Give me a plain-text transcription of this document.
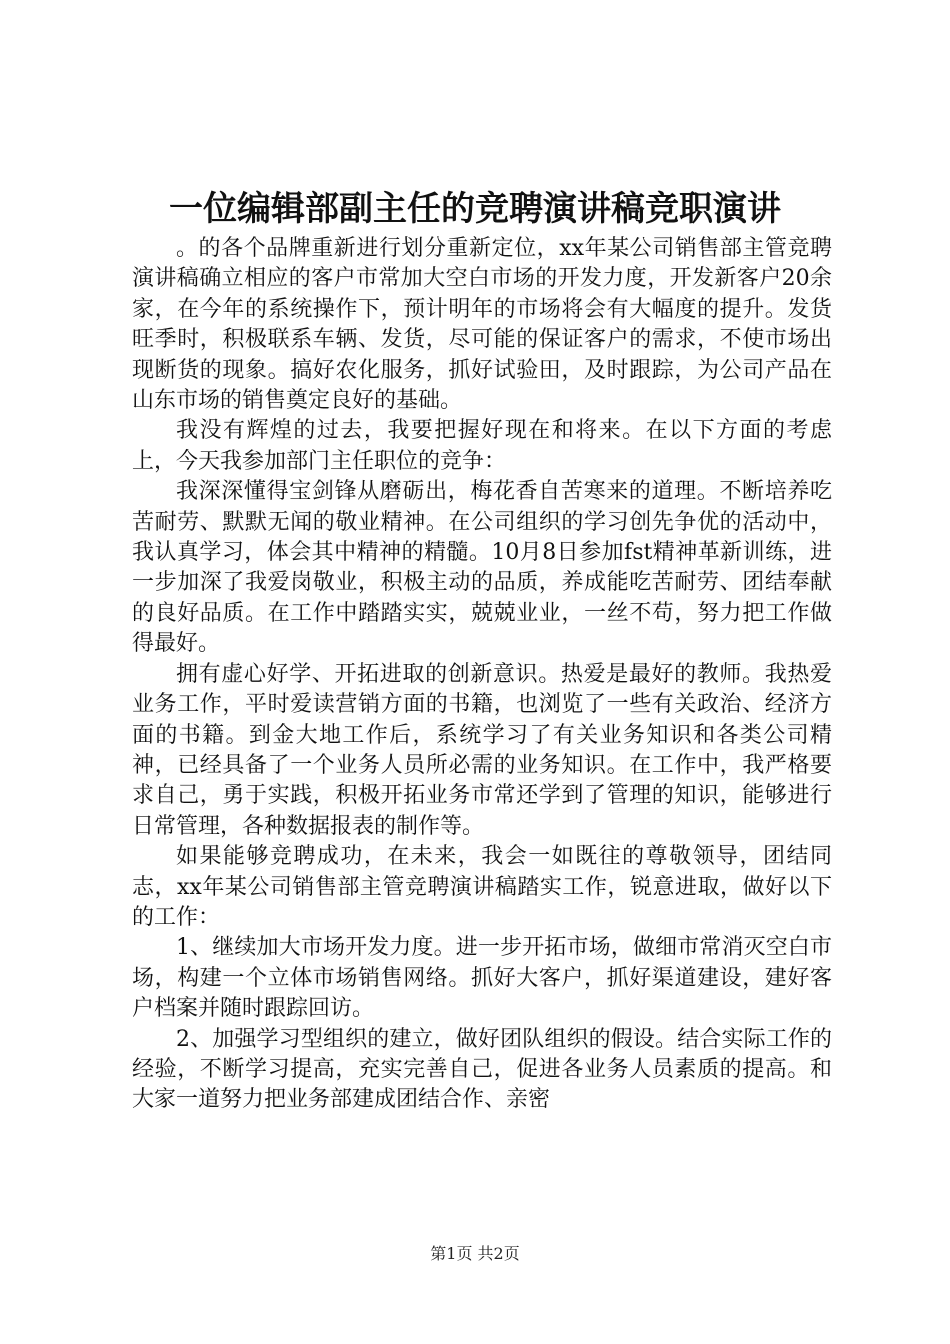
一位编辑部副主任的竞聘演讲稿竞职演讲

。的各个品牌重新进行划分重新定位，xx年某公司销售部主管竞聘演讲稿确立相应的客户市常加大空白市场的开发力度，开发新客户20余家，在今年的系统操作下，预计明年的市场将会有大幅度的提升。发货旺季时，积极联系车辆、发货，尽可能的保证客户的需求，不使市场出现断货的现象。搞好农化服务，抓好试验田，及时跟踪，为公司产品在山东市场的销售奠定良好的基础。

我没有辉煌的过去，我要把握好现在和将来。在以下方面的考虑上，今天我参加部门主任职位的竞争：

我深深懂得宝剑锋从磨砺出，梅花香自苦寒来的道理。不断培养吃苦耐劳、默默无闻的敬业精神。在公司组织的学习创先争优的活动中，我认真学习，体会其中精神的精髓。10月8日参加fst精神革新训练，进一步加深了我爱岗敬业，积极主动的品质，养成能吃苦耐劳、团结奉献的良好品质。在工作中踏踏实实，兢兢业业，一丝不苟，努力把工作做得最好。

拥有虚心好学、开拓进取的创新意识。热爱是最好的教师。我热爱业务工作，平时爱读营销方面的书籍，也浏览了一些有关政治、经济方面的书籍。到金大地工作后，系统学习了有关业务知识和各类公司精神，已经具备了一个业务人员所必需的业务知识。在工作中，我严格要求自己，勇于实践，积极开拓业务市常还学到了管理的知识，能够进行日常管理，各种数据报表的制作等。

如果能够竞聘成功，在未来，我会一如既往的尊敬领导，团结同志，xx年某公司销售部主管竞聘演讲稿踏实工作，锐意进取，做好以下的工作：

1、继续加大市场开发力度。进一步开拓市场，做细市常消灭空白市场，构建一个立体市场销售网络。抓好大客户，抓好渠道建设，建好客户档案并随时跟踪回访。

2、加强学习型组织的建立，做好团队组织的假设。结合实际工作的经验，不断学习提高，充实完善自己，促进各业务人员素质的提高。和大家一道努力把业务部建成团结合作、亲密

第1页 共2页
